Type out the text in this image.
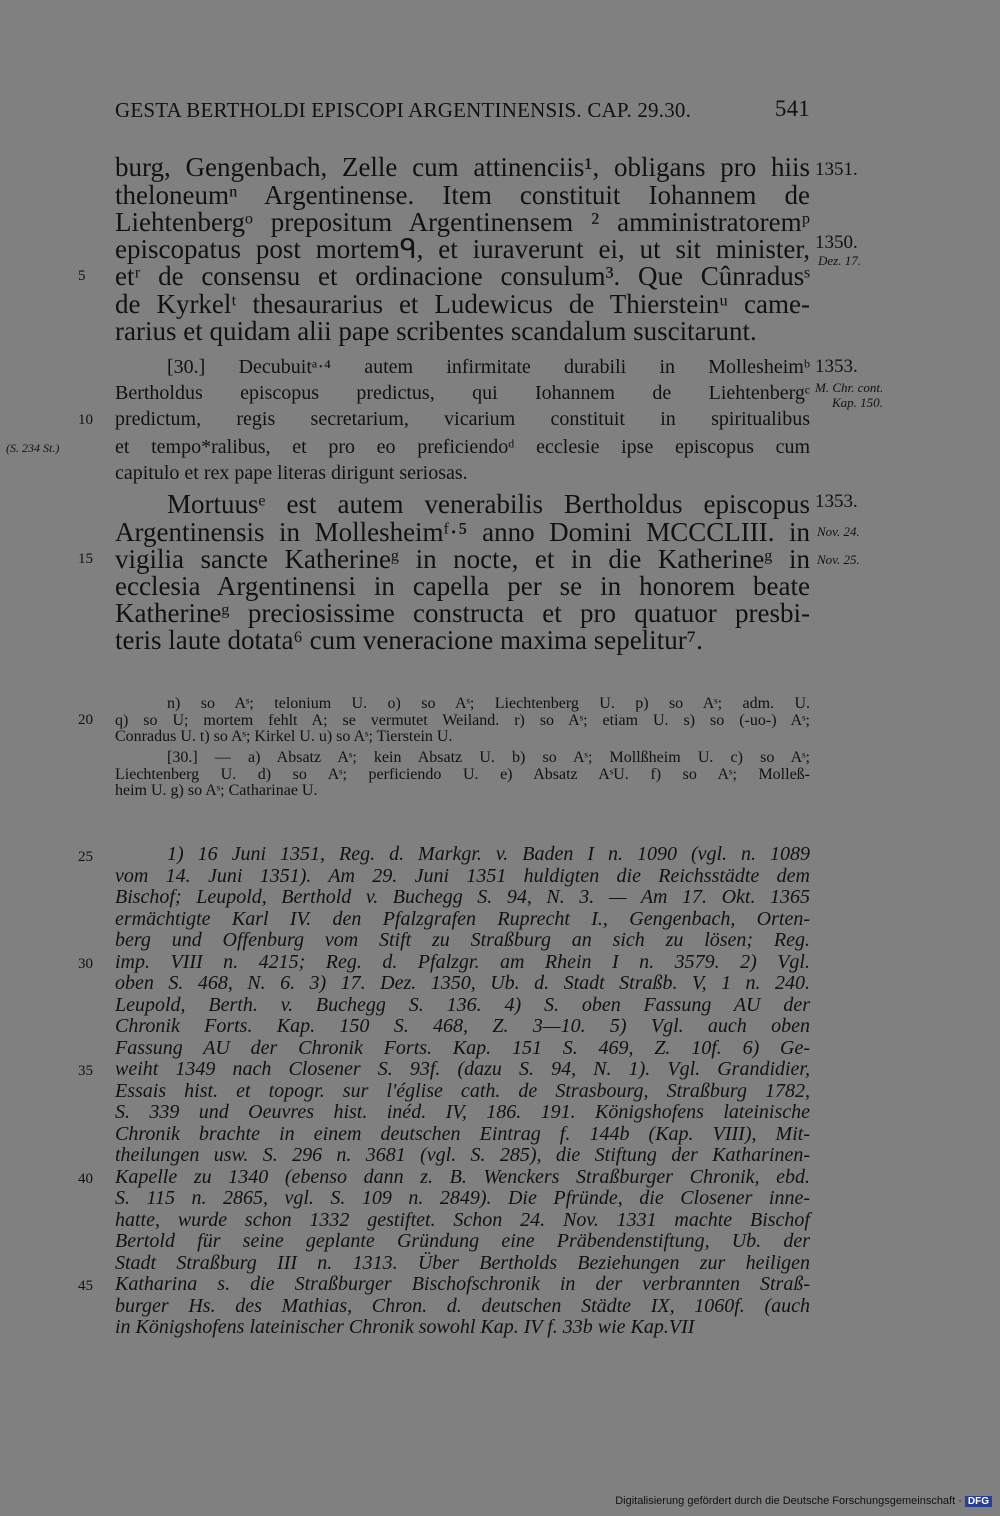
GESTA BERTHOLDI EPISCOPI ARGENTINENSIS. CAP. 29.30.	541
burg, Gengenbach, Zelle cum attinenciis¹, obligans pro hiis
theloneumⁿ Argentinense. Item constituit Iohannem de
Liehtenbergᵒ prepositum Argentinensem ² amministratoremᵖ
episcopatus post mortemᑫ, et iuraverunt ei, ut sit minister,
etʳ de consensu et ordinacione consulum³. Que Cûnradusˢ
de Kyrkelᵗ thesaurarius et Ludewicus de Thiersteinᵘ came-
rarius et quidam alii pape scribentes scandalum suscitarunt.
[30.] Decubuitᵃ·⁴ autem infirmitate durabili in Mollesheimᵇ
Bertholdus episcopus predictus, qui Iohannem de Liehtenbergᶜ
predictum, regis secretarium, vicarium constituit in spiritualibus
et tempo*ralibus, et pro eo preficiendoᵈ ecclesie ipse episcopus cum
capitulo et rex pape literas dirigunt seriosas.
Mortuusᵉ est autem venerabilis Bertholdus episcopus
Argentinensis in Mollesheimᶠ·⁵ anno Domini MCCCLIII. in
vigilia sancte Katherineᵍ in nocte, et in die Katherineᵍ in
ecclesia Argentinensi in capella per se in honorem beate
Katherineᵍ preciosissime constructa et pro quatuor presbi-
teris laute dotata⁶ cum veneracione maxima sepelitur⁷.
n) so Aˢ; telonium U. o) so Aˢ; Liechtenberg U. p) so Aˢ; adm. U.
q) so U; mortem fehlt A; se vermutet Weiland. r) so Aˢ; etiam U. s) so (-uo-) Aˢ;
Conradus U. t) so Aˢ; Kirkel U. u) so Aˢ; Tierstein U.
[30.] — a) Absatz Aˢ; kein Absatz U. b) so Aˢ; Mollßheim U. c) so Aˢ;
Liechtenberg U. d) so Aˢ; perficiendo U. e) Absatz AˢU. f) so Aˢ; Molleß-
heim U. g) so Aˢ; Catharinae U.
1) 16 Juni 1351, Reg. d. Markgr. v. Baden I n. 1090 (vgl. n. 1089
vom 14. Juni 1351). Am 29. Juni 1351 huldigten die Reichsstädte dem
Bischof; Leupold, Berthold v. Buchegg S. 94, N. 3. — Am 17. Okt. 1365
ermächtigte Karl IV. den Pfalzgrafen Ruprecht I., Gengenbach, Orten-
berg und Offenburg vom Stift zu Straßburg an sich zu lösen; Reg.
imp. VIII n. 4215; Reg. d. Pfalzgr. am Rhein I n. 3579. 2) Vgl.
oben S. 468, N. 6. 3) 17. Dez. 1350, Ub. d. Stadt Straßb. V, 1 n. 240.
Leupold, Berth. v. Buchegg S. 136. 4) S. oben Fassung AU der
Chronik Forts. Kap. 150 S. 468, Z. 3—10. 5) Vgl. auch oben
Fassung AU der Chronik Forts. Kap. 151 S. 469, Z. 10f. 6) Ge-
weiht 1349 nach Closener S. 93f. (dazu S. 94, N. 1). Vgl. Grandidier,
Essais hist. et topogr. sur l'église cath. de Strasbourg, Straßburg 1782,
S. 339 und Oeuvres hist. inéd. IV, 186. 191. Königshofens lateinische
Chronik brachte in einem deutschen Eintrag f. 144b (Kap. VIII), Mit-
theilungen usw. S. 296 n. 3681 (vgl. S. 285), die Stiftung der Katharinen-
Kapelle zu 1340 (ebenso dann z. B. Wenckers Straßburger Chronik, ebd.
S. 115 n. 2865, vgl. S. 109 n. 2849). Die Pfründe, die Closener inne-
hatte, wurde schon 1332 gestiftet. Schon 24. Nov. 1331 machte Bischof
Bertold für seine geplante Gründung eine Präbendenstiftung, Ub. der
Stadt Straßburg III n. 1313. Über Bertholds Beziehungen zur heiligen
Katharina s. die Straßburger Bischofschronik in der verbrannten Straß-
burger Hs. des Mathias, Chron. d. deutschen Städte IX, 1060f. (auch
in Königshofens lateinischer Chronik sowohl Kap. IV f. 33b wie Kap.VII
5
10
15
20
25
30
35
40
45
1351.
1350.
Dez. 17.
1353.
M. Chr. cont.
Kap. 150.
1353.
Nov. 24.
Nov. 25.
(S. 234 St.)
Digitalisierung gefördert durch die Deutsche Forschungsgemeinschaft · DFG
